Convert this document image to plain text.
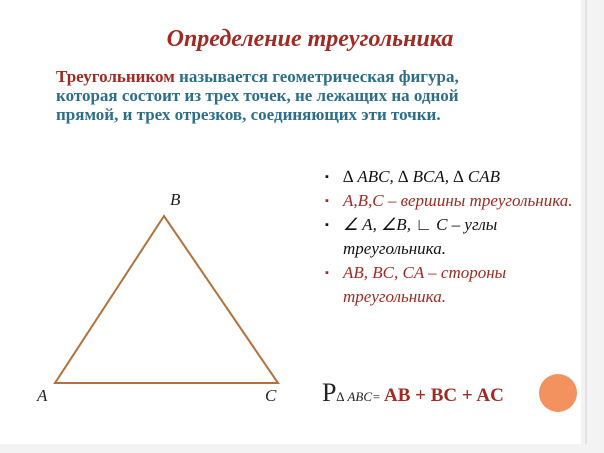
Определение треугольника
Треугольником называется геометрическая фигура, которая состоит из трех точек, не лежащих на одной прямой, и трех отрезков, соединяющих эти точки.
▪ ∆ ABC, ∆ BCA, ∆ CAB
▪ A,B,C – вершины треугольника.
▪ ∠ A, ∠B, ∟ C – углы треугольника.
▪ AB, BC, CA – стороны треугольника.
B
A	C P∆ ABC= AB + BC + AC
